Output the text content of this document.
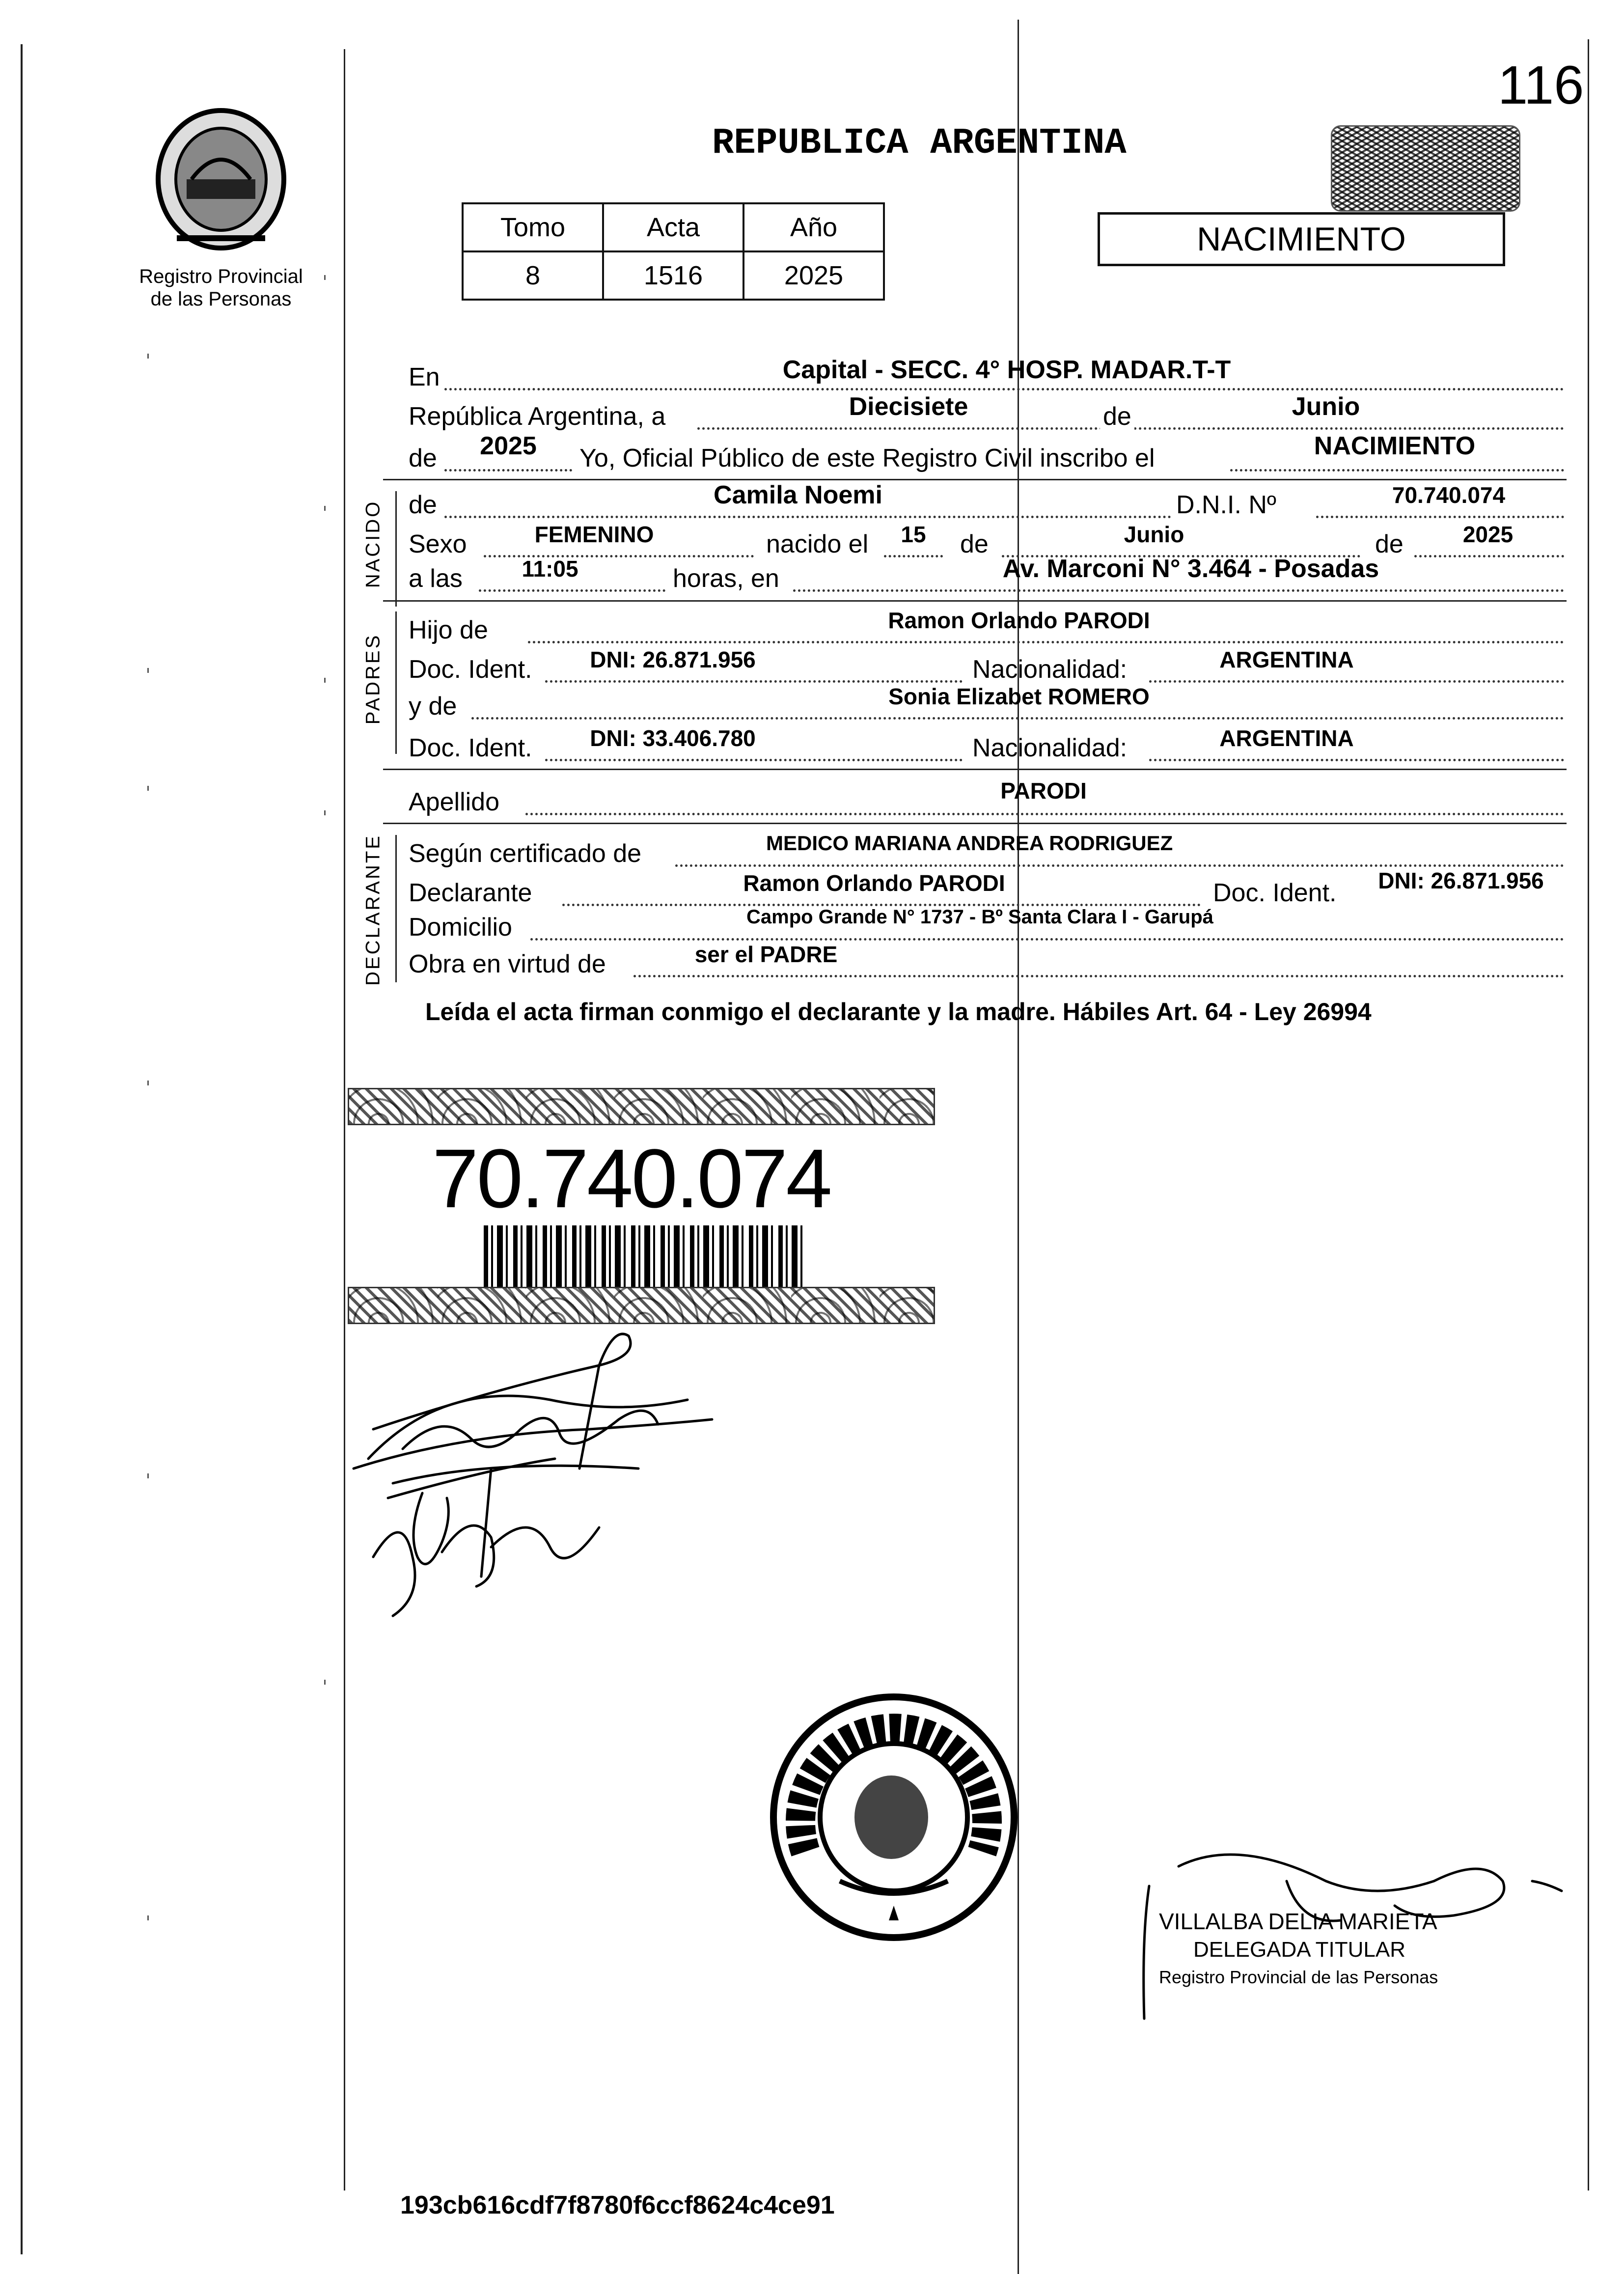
116
Registro Provincial
de las Personas
REPUBLICA ARGENTINA
Tomo	Acta	Año
8	1516	2025
NACIMIENTO
En	Capital - SECC. 4° HOSP. MADAR.T-T
República Argentina, a	Diecisiete	de	Junio
de	2025	Yo, Oficial Público de este Registro Civil inscribo el	NACIMIENTO
NACIDO de	Camila Noemi	D.N.I. Nº	70.740.074
Sexo	FEMENINO	nacido el	15	de	Junio	de	2025
a las	11:05	horas, en	Av. Marconi N° 3.464 - Posadas
PADRES
Hijo de	Ramon Orlando PARODI
Doc. Ident.	DNI: 26.871.956	Nacionalidad:	ARGENTINA
y de	Sonia Elizabet ROMERO
Doc. Ident.	DNI: 33.406.780	Nacionalidad:	ARGENTINA
Apellido	PARODI
DECLARANTE Según certificado de	MEDICO MARIANA ANDREA RODRIGUEZ
Declarante	Ramon Orlando PARODI	Doc. Ident.	DNI: 26.871.956
Domicilio	Campo Grande N° 1737 - Bº Santa Clara I - Garupá
Obra en virtud de	ser el PADRE
Leída el acta firman conmigo el declarante y la madre. Hábiles Art. 64 - Ley 26994
70.740.074
VILLALBA DELIA MARIETA
DELEGADA TITULAR
Registro Provincial de las Personas
193cb616cdf7f8780f6ccf8624c4ce91
